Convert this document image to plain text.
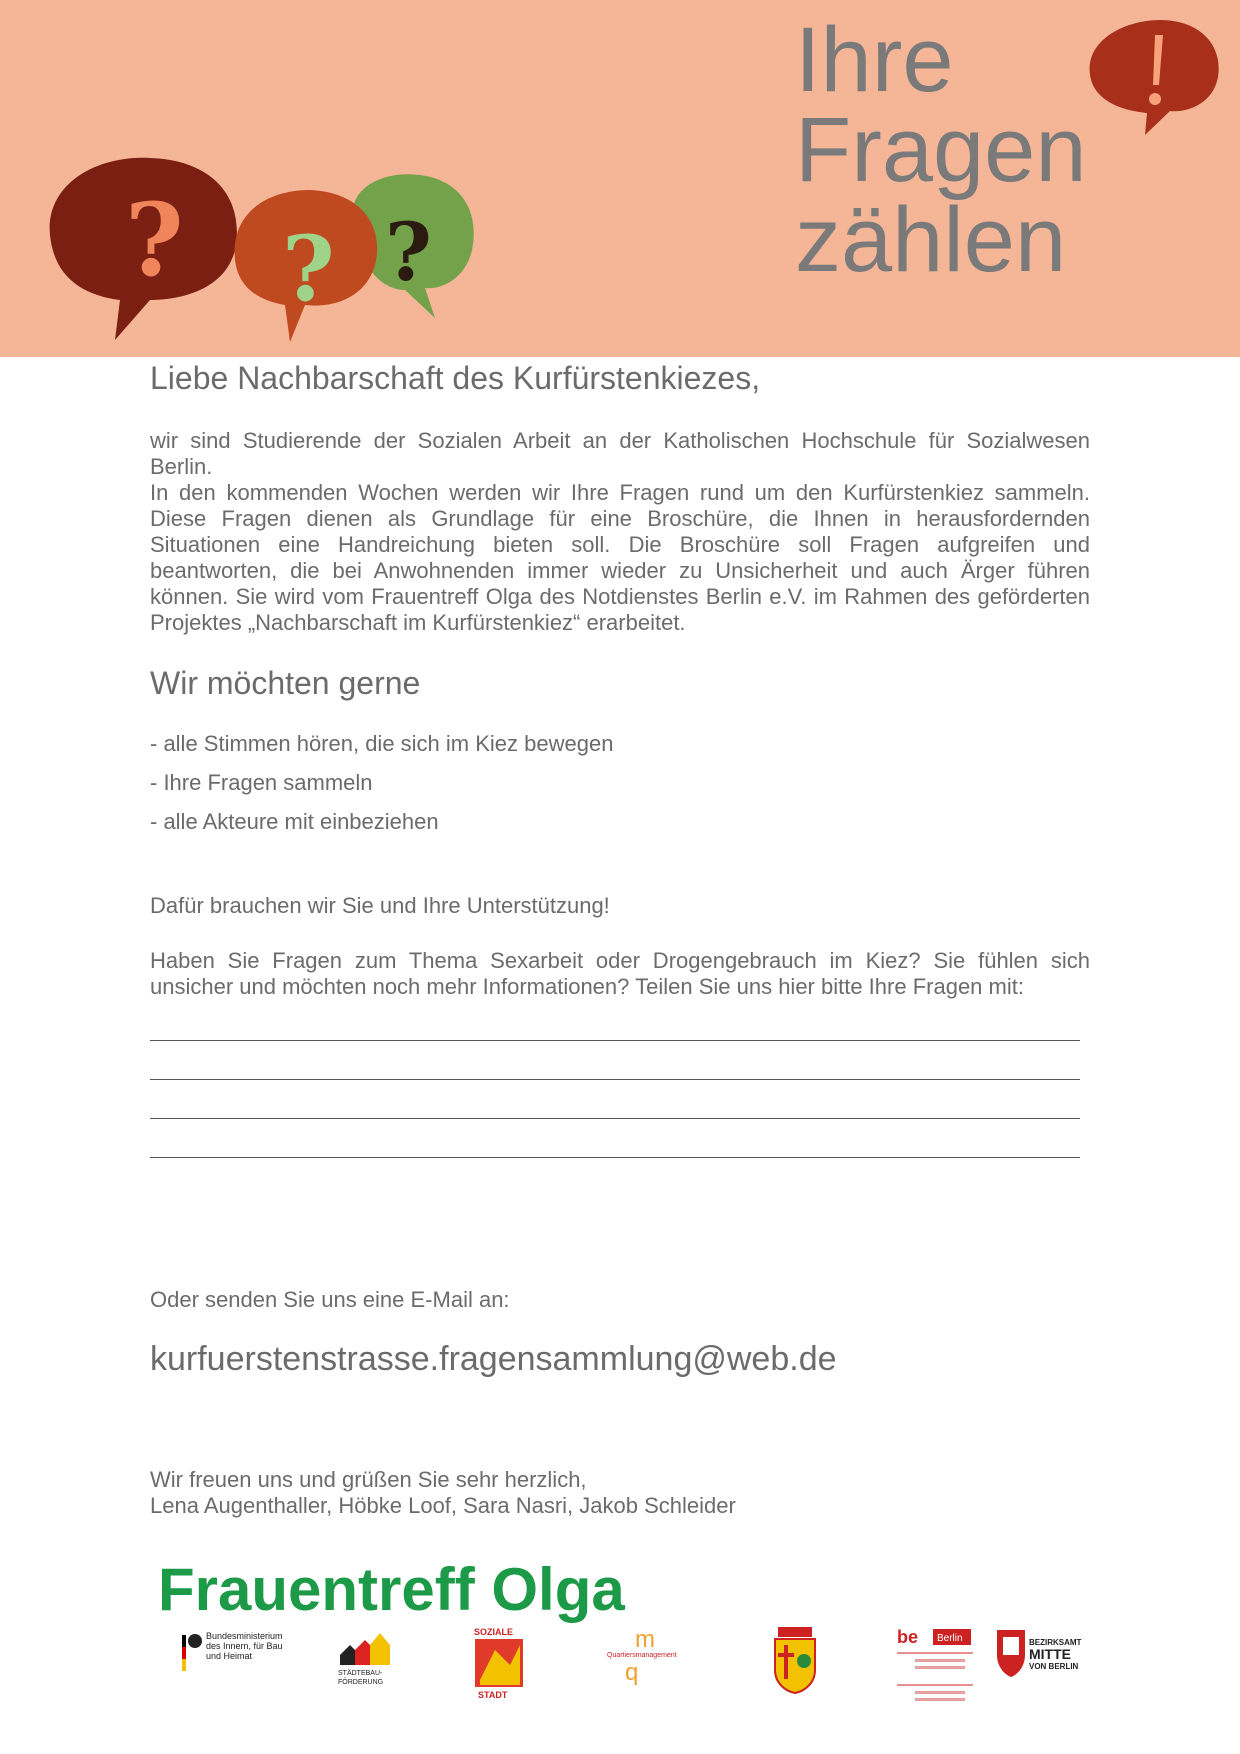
?	?
?
Ihre
Fragen
zählen
Liebe Nachbarschaft des Kurfürstenkiezes,

wir sind Studierende der Sozialen Arbeit an der Katholischen Hochschule für Sozialwesen Berlin.

In den kommenden Wochen werden wir Ihre Fragen rund um den Kurfürstenkiez sammeln. Diese Fragen dienen als Grundlage für eine Broschüre, die Ihnen in herausfordernden Situationen eine Handreichung bieten soll. Die Broschüre soll Fragen aufgreifen und beantworten, die bei Anwohnenden immer wieder zu Unsicherheit und auch Ärger führen können. Sie wird vom Frauentreff Olga des Notdienstes Berlin e.V. im Rahmen des geförderten Projektes „Nachbarschaft im Kurfürstenkiez“ erarbeitet.

Wir möchten gerne
- alle Stimmen hören, die sich im Kiez bewegen
- Ihre Fragen sammeln
- alle Akteure mit einbeziehen

Dafür brauchen wir Sie und Ihre Unterstützung!

Haben Sie Fragen zum Thema Sexarbeit oder Drogengebrauch im Kiez? Sie fühlen sich unsicher und möchten noch mehr Informationen? Teilen Sie uns hier bitte Ihre Fragen mit:

Oder senden Sie uns eine E-Mail an:

kurfuerstenstrasse.fragensammlung@web.de

Wir freuen uns und grüßen Sie sehr herzlich,
Lena Augenthaller, Höbke Loof, Sara Nasri, Jakob Schleider
Frauentreff Olga
Bundesministerium
des Innern, für Bau
und Heimat
STÄDTEBAU-
FÖRDERUNG
SOZIALE
STADT
m
Quartiersmanagement
q
be Berlin	BEZIRKSAMT
MITTE
VON BERLIN
